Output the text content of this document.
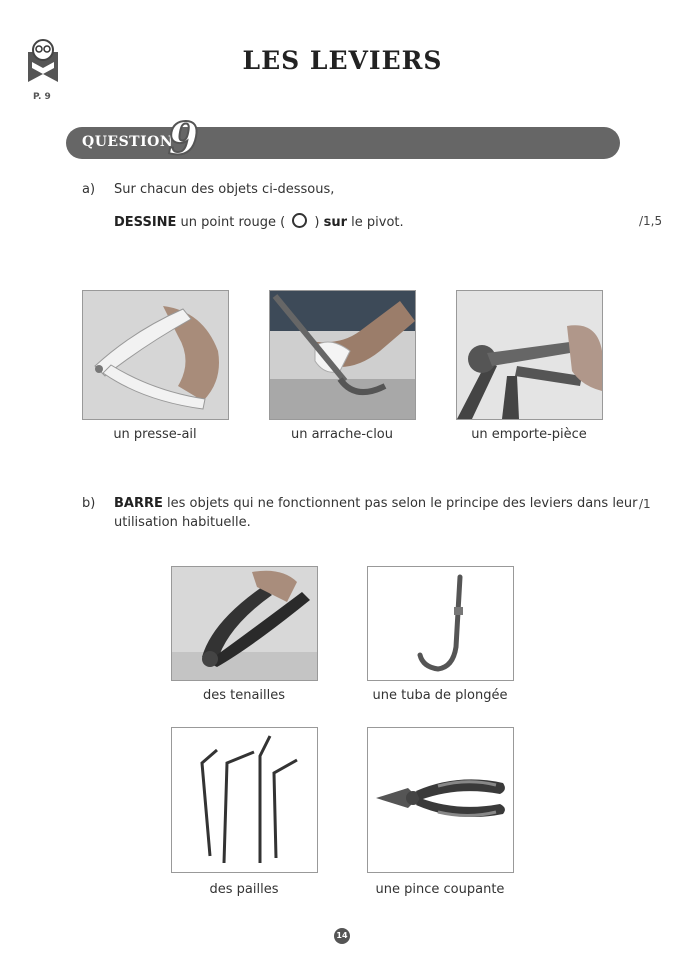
P. 9
LES LEVIERS
QUESTION
9
a) Sur chacun des objets ci-dessous,
DESSINE un point rouge (  ) sur le pivot.	/1,5
un presse-ail	un arrache-clou	un emporte-pièce
b) BARRE les objets qui ne fonctionnent pas selon le principe des leviers dans leur
utilisation habituelle.
/1
des tenailles	une tuba de plongée
des pailles	une pince coupante
14
